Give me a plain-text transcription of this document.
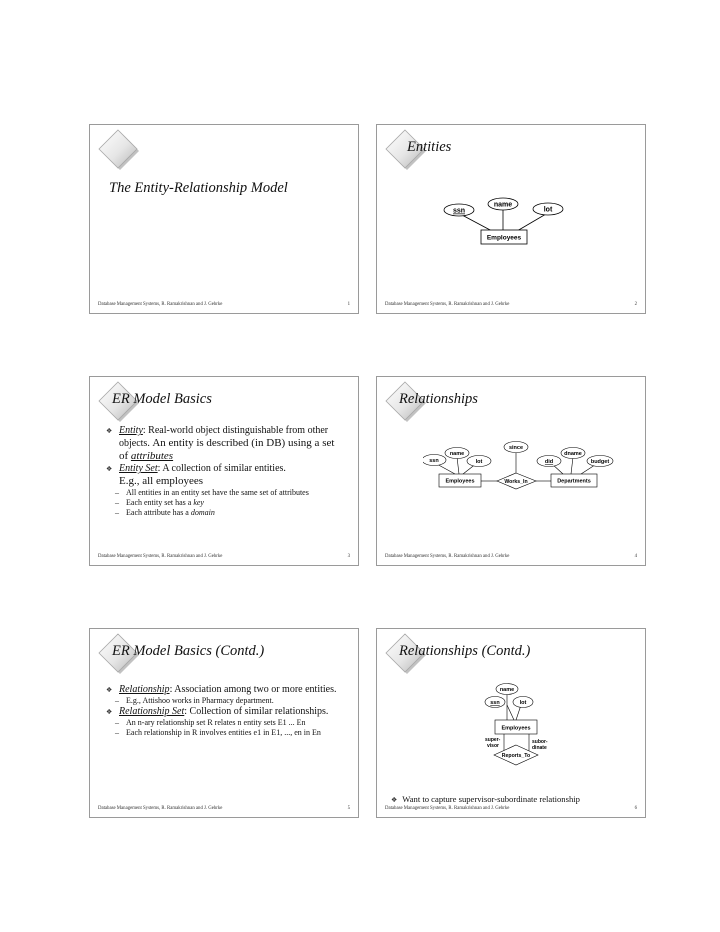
The Entity-Relationship Model
Database Management Systems, R. Ramakrishnan and J. Gehrke	1
Entities
name
ssn	lot
Employees
Database Management Systems, R. Ramakrishnan and J. Gehrke	2
ER Model Basics
❖ Entity: Real-world object distinguishable from other objects. An entity is described (in DB) using a set of attributes
❖ Entity Set: A collection of similar entities.
E.g., all employees
– All entities in an entity set have the same set of attributes
– Each entity set has a key
– Each attribute has a domain
Database Management Systems, R. Ramakrishnan and J. Gehrke	3
Relationships
since
name	dname
ssn	lot	did	budget
Employees	Departments
Works_In
Database Management Systems, R. Ramakrishnan and J. Gehrke	4
ER Model Basics (Contd.)
❖ Relationship: Association among two or more entities.
– E.g., Attishoo works in Pharmacy department.
❖ Relationship Set: Collection of similar relationships.
– An n-ary relationship set R relates n entity sets E1 ... En
– Each relationship in R involves entities e1 in E1, ..., en in En
Database Management Systems, R. Ramakrishnan and J. Gehrke	5
Relationships (Contd.)
name
ssn	lot
Employees
super-visor
subor-dinate
Reports_To
❖ Want to capture supervisor-subordinate relationship
Database Management Systems, R. Ramakrishnan and J. Gehrke	6
